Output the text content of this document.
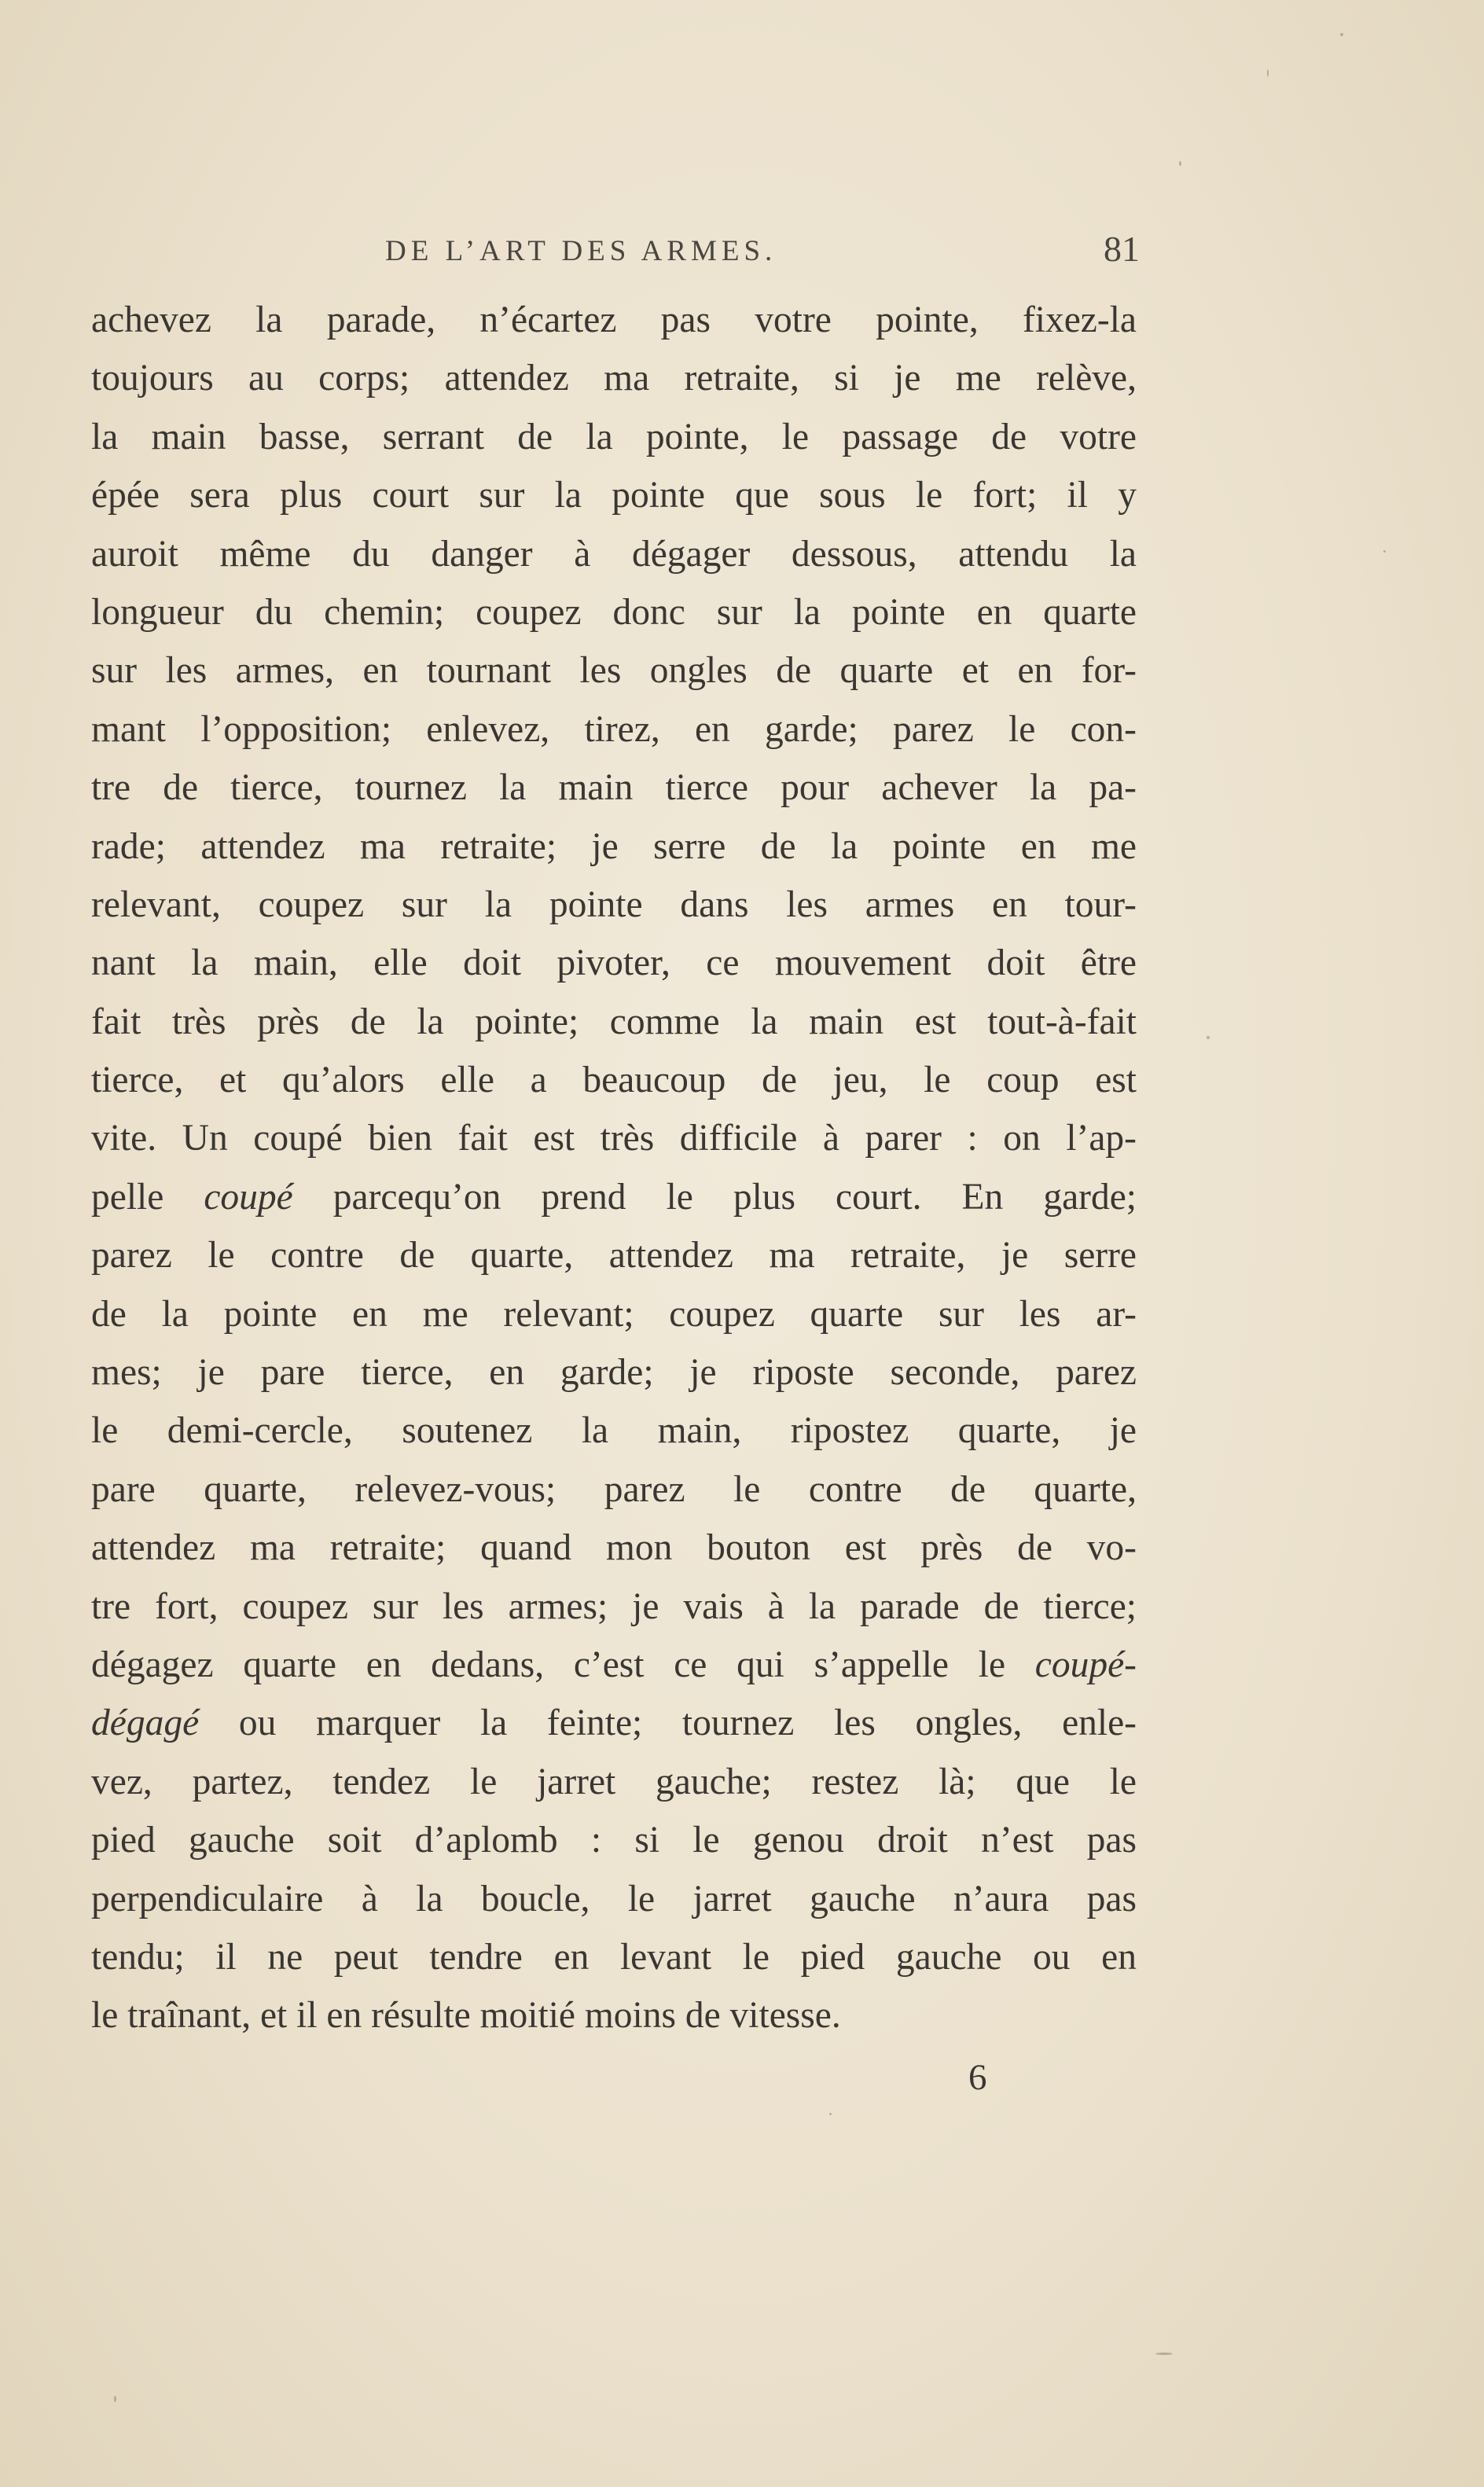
DE L’ART DES ARMES.	81
achevez la parade, n’écartez pas votre pointe, fixez-la
toujours au corps; attendez ma retraite, si je me relève,
la main basse, serrant de la pointe, le passage de votre
épée sera plus court sur la pointe que sous le fort; il y
auroit même du danger à dégager dessous, attendu la
longueur du chemin; coupez donc sur la pointe en quarte
sur les armes, en tournant les ongles de quarte et en for-
mant l’opposition; enlevez, tirez, en garde; parez le con-
tre de tierce, tournez la main tierce pour achever la pa-
rade; attendez ma retraite; je serre de la pointe en me
relevant, coupez sur la pointe dans les armes en tour-
nant la main, elle doit pivoter, ce mouvement doit être
fait très près de la pointe; comme la main est tout-à-fait
tierce, et qu’alors elle a beaucoup de jeu, le coup est
vite. Un coupé bien fait est très difficile à parer : on l’ap-
pelle coupé parcequ’on prend le plus court. En garde;
parez le contre de quarte, attendez ma retraite, je serre
de la pointe en me relevant; coupez quarte sur les ar-
mes; je pare tierce, en garde; je riposte seconde, parez
le demi-cercle, soutenez la main, ripostez quarte, je
pare quarte, relevez-vous; parez le contre de quarte,
attendez ma retraite; quand mon bouton est près de vo-
tre fort, coupez sur les armes; je vais à la parade de tierce;
dégagez quarte en dedans, c’est ce qui s’appelle le coupé-
dégagé ou marquer la feinte; tournez les ongles, enle-
vez, partez, tendez le jarret gauche; restez là; que le
pied gauche soit d’aplomb : si le genou droit n’est pas
perpendiculaire à la boucle, le jarret gauche n’aura pas
tendu; il ne peut tendre en levant le pied gauche ou en
le traînant, et il en résulte moitié moins de vitesse.
6
